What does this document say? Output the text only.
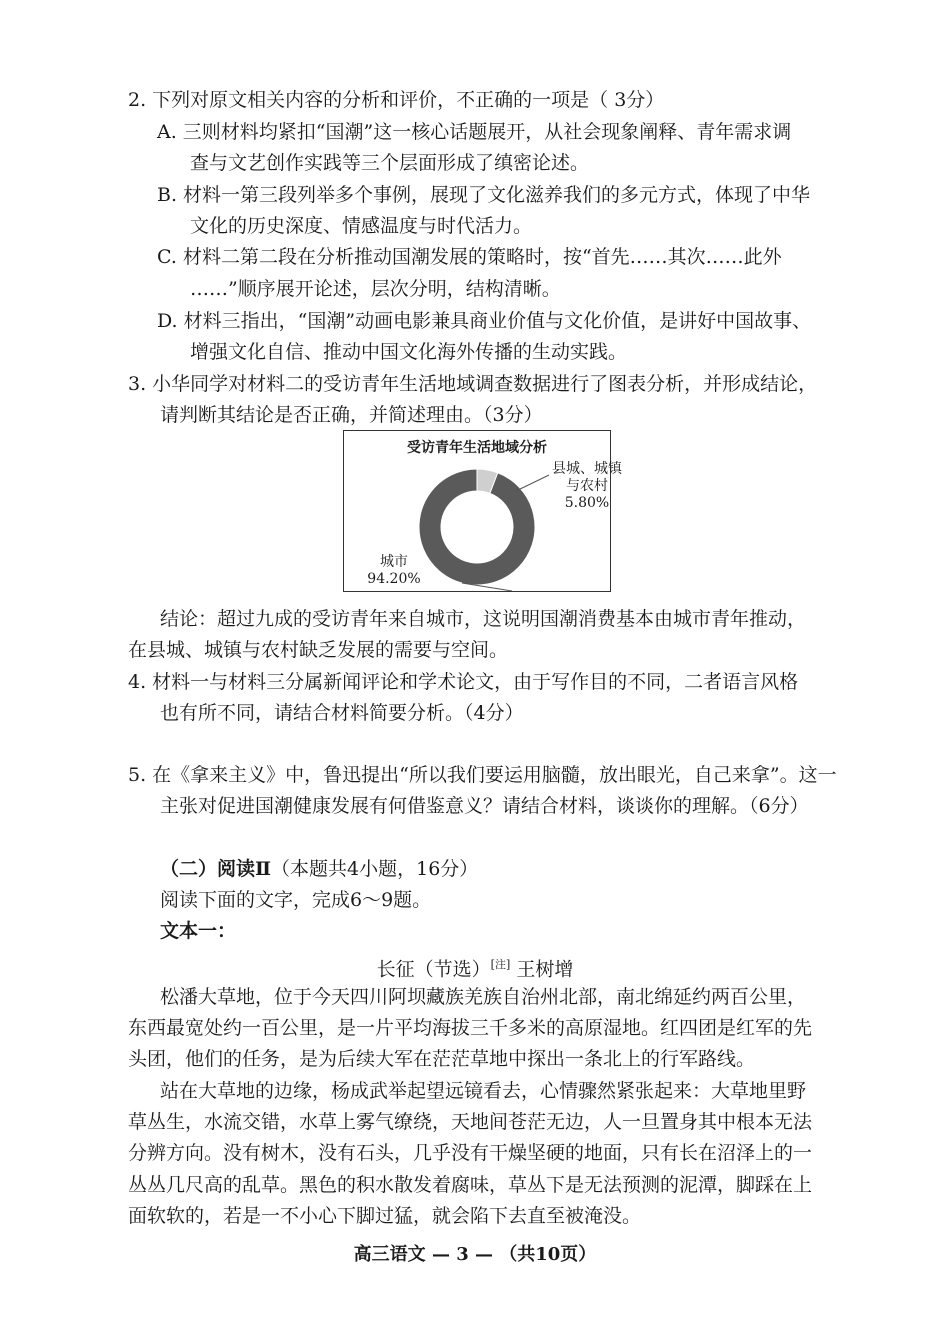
2. 下列对原文相关内容的分析和评价，不正确的一项是（ 3分）
A. 三则材料均紧扣“国潮”这一核心话题展开，从社会现象阐释、青年需求调
查与文艺创作实践等三个层面形成了缜密论述。
B. 材料一第三段列举多个事例，展现了文化滋养我们的多元方式，体现了中华
文化的历史深度、情感温度与时代活力。
C. 材料二第二段在分析推动国潮发展的策略时，按“首先……其次……此外
……”顺序展开论述，层次分明，结构清晰。
D. 材料三指出，“国潮”动画电影兼具商业价值与文化价值，是讲好中国故事、
增强文化自信、推动中国文化海外传播的生动实践。
3. 小华同学对材料二的受访青年生活地域调查数据进行了图表分析，并形成结论，
请判断其结论是否正确，并简述理由。（3分）
受访青年生活地域分析
县城、城镇与农村
5.80%
城市
94.20%
结论：超过九成的受访青年来自城市，这说明国潮消费基本由城市青年推动，
在县城、城镇与农村缺乏发展的需要与空间。
4. 材料一与材料三分属新闻评论和学术论文，由于写作目的不同，二者语言风格
也有所不同，请结合材料简要分析。（4分）
5. 在《拿来主义》中，鲁迅提出“所以我们要运用脑髓，放出眼光，自己来拿”。这一
主张对促进国潮健康发展有何借鉴意义？请结合材料，谈谈你的理解。（6分）
（二）阅读Ⅱ（本题共4小题，16分）
阅读下面的文字，完成6～9题。
文本一：
长征（节选）[注] 王树增
松潘大草地，位于今天四川阿坝藏族羌族自治州北部，南北绵延约两百公里，
东西最宽处约一百公里，是一片平均海拔三千多米的高原湿地。红四团是红军的先
头团，他们的任务，是为后续大军在茫茫草地中探出一条北上的行军路线。
站在大草地的边缘，杨成武举起望远镜看去，心情骤然紧张起来：大草地里野
草丛生，水流交错，水草上雾气缭绕，天地间苍茫无边，人一旦置身其中根本无法
分辨方向。没有树木，没有石头，几乎没有干燥坚硬的地面，只有长在沼泽上的一
丛丛几尺高的乱草。黑色的积水散发着腐味，草丛下是无法预测的泥潭，脚踩在上
面软软的，若是一不小心下脚过猛，就会陷下去直至被淹没。
高三语文 — 3 — （共10页）
